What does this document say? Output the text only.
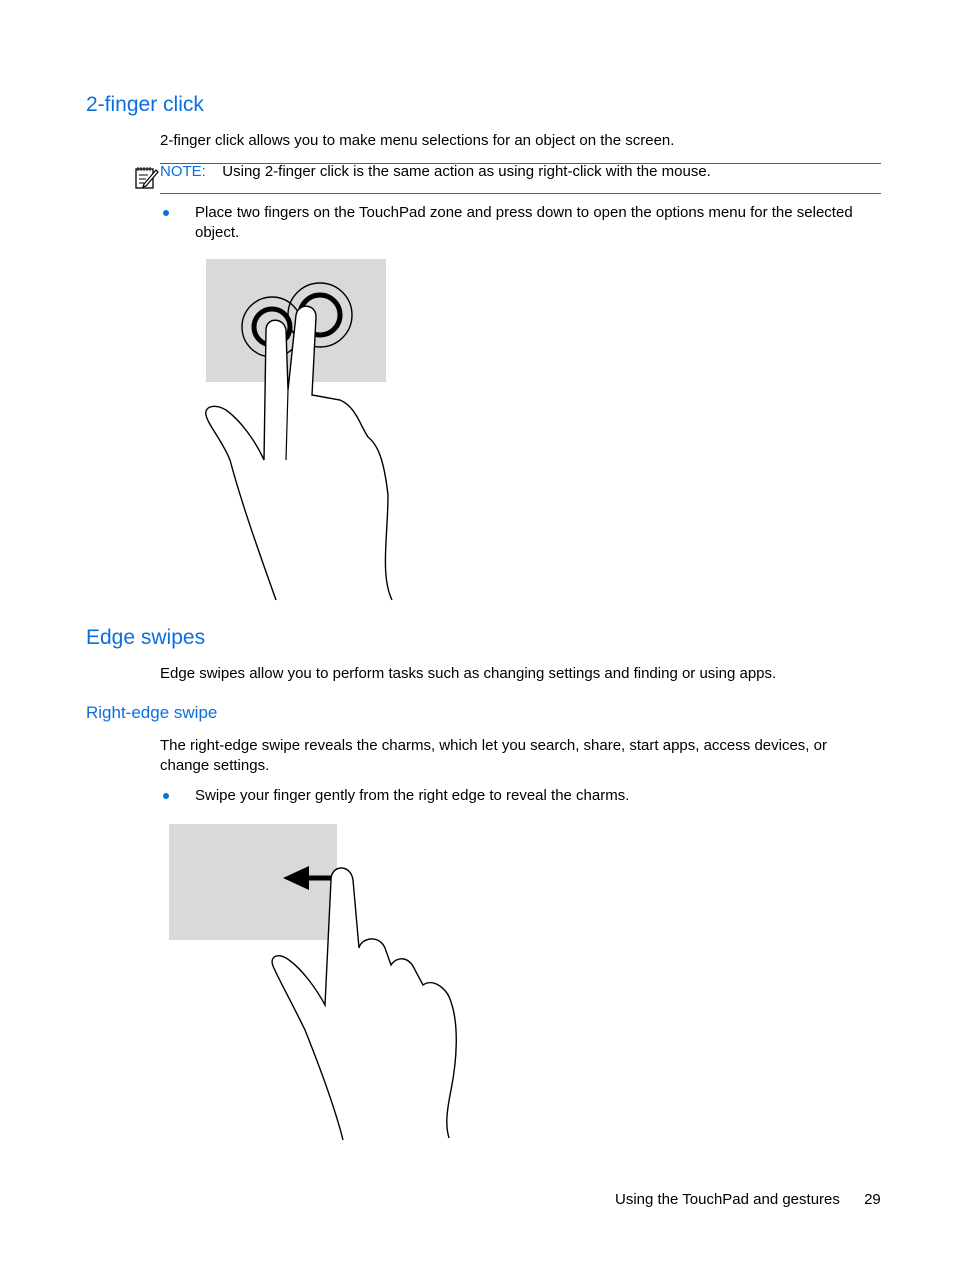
2-finger click

2-finger click allows you to make menu selections for an object on the screen.

NOTE: Using 2-finger click is the same action as using right-click with the mouse.

Place two fingers on the TouchPad zone and press down to open the options menu for the selected object.

Edge swipes

Edge swipes allow you to perform tasks such as changing settings and finding or using apps.

Right-edge swipe

The right-edge swipe reveals the charms, which let you search, share, start apps, access devices, or change settings.

Swipe your finger gently from the right edge to reveal the charms.

Using the TouchPad and gestures 29
